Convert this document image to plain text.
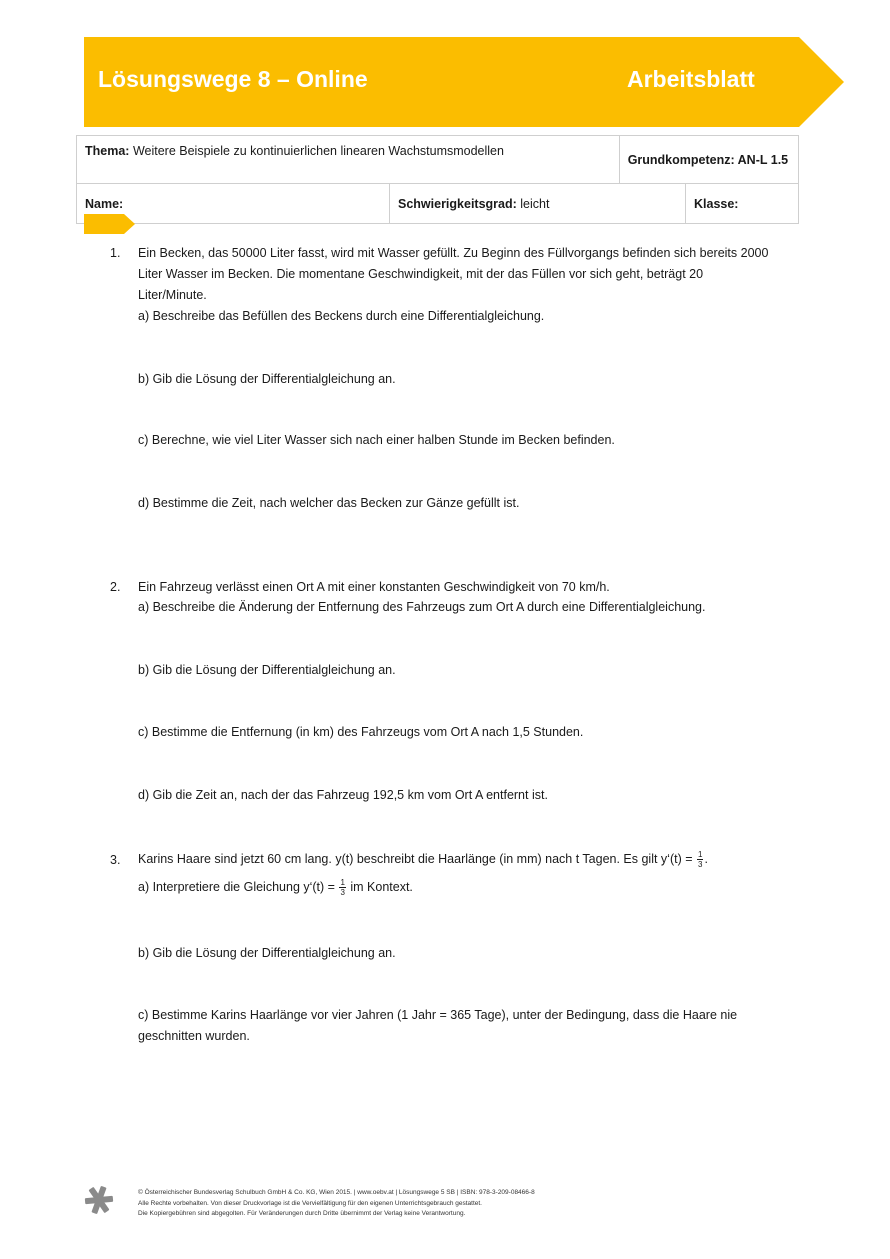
Lösungswege 8 – Online	Arbeitsblatt
Thema: Weitere Beispiele zu kontinuierlichen linearen Wachstumsmodellen		Grundkompetenz: AN-L 1.5	
Name:	Schwierigkeitsgrad: leicht		Klasse:
1. Ein Becken, das 50000 Liter fasst, wird mit Wasser gefüllt. Zu Beginn des Füllvorgangs befinden sich bereits 2000
Liter Wasser im Becken. Die momentane Geschwindigkeit, mit der das Füllen vor sich geht, beträgt 20
Liter/Minute.
a) Beschreibe das Befüllen des Beckens durch eine Differentialgleichung.
b) Gib die Lösung der Differentialgleichung an.
c) Berechne, wie viel Liter Wasser sich nach einer halben Stunde im Becken befinden.
d) Bestimme die Zeit, nach welcher das Becken zur Gänze gefüllt ist.
2. Ein Fahrzeug verlässt einen Ort A mit einer konstanten Geschwindigkeit von 70 km/h.
a) Beschreibe die Änderung der Entfernung des Fahrzeugs zum Ort A durch eine Differentialgleichung.
b) Gib die Lösung der Differentialgleichung an.
c) Bestimme die Entfernung (in km) des Fahrzeugs vom Ort A nach 1,5 Stunden.
d) Gib die Zeit an, nach der das Fahrzeug 192,5 km vom Ort A entfernt ist.
3. Karins Haare sind jetzt 60 cm lang. y(t) beschreibt die Haarlänge (in mm) nach t Tagen. Es gilt y‘(t) = $\frac{1}{3}$ .
a) Interpretiere die Gleichung y‘(t) = $\frac{1}{3}$ im Kontext.
b) Gib die Lösung der Differentialgleichung an.
c) Bestimme Karins Haarlänge vor vier Jahren (1 Jahr = 365 Tage), unter der Bedingung, dass die Haare nie
geschnitten wurden.
© Österreichischer Bundesverlag Schulbuch GmbH & Co. KG, Wien 2015. | www.oebv.at | Lösungswege 5 SB | ISBN: 978-3-209-08466-8
Alle Rechte vorbehalten. Von dieser Druckvorlage ist die Vervielfältigung für den eigenen Unterrichtsgebrauch gestattet.
Die Kopiergebühren sind abgegolten. Für Veränderungen durch Dritte übernimmt der Verlag keine Verantwortung.
